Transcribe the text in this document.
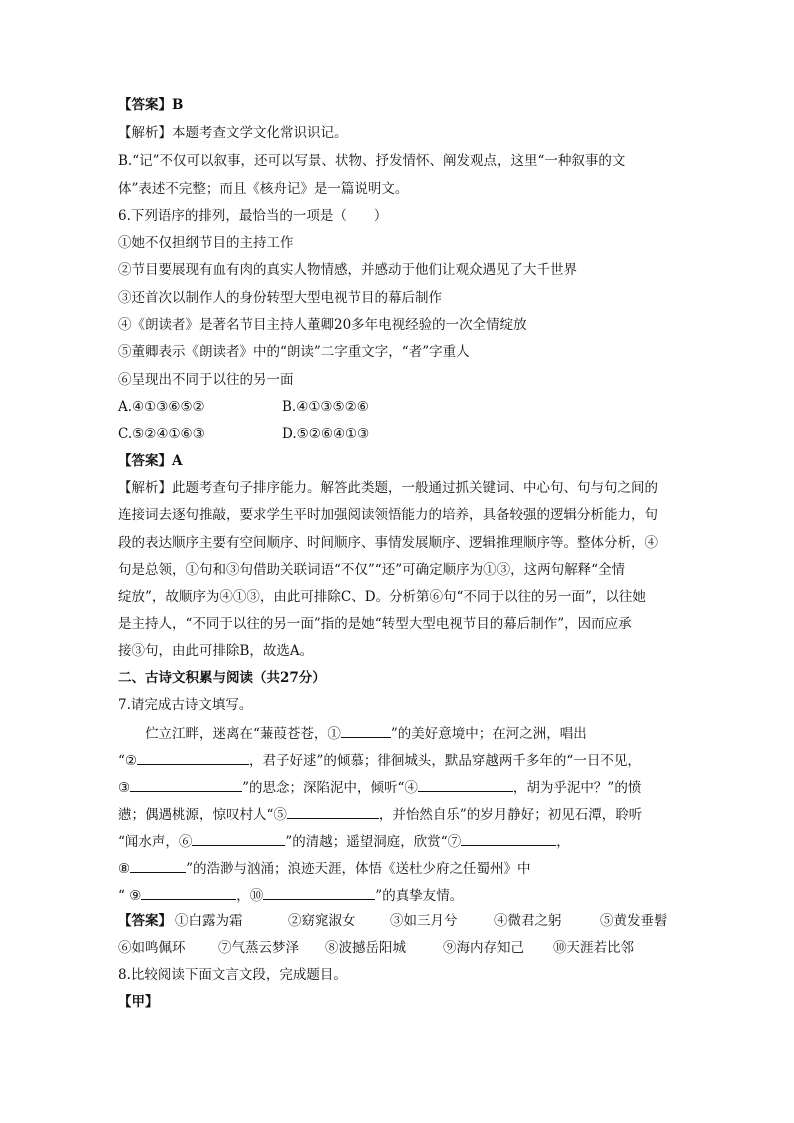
【答案】B
【解析】本题考查文学文化常识识记。
B.“记”不仅可以叙事，还可以写景、状物、抒发情怀、阐发观点，这里“一种叙事的文
体”表述不完整；而且《核舟记》是一篇说明文。
6.下列语序的排列，最恰当的一项是（　　）
①她不仅担纲节目的主持工作
②节目要展现有血有肉的真实人物情感，并感动于他们让观众遇见了大千世界
③还首次以制作人的身份转型大型电视节目的幕后制作
④《朗读者》是著名节目主持人董卿20多年电视经验的一次全情绽放
⑤董卿表示《朗读者》中的“朗读”二字重文字，“者”字重人
⑥呈现出不同于以往的另一面
A.④①③⑥⑤②	B.④①③⑤②⑥
C.⑤②④①⑥③	D.⑤②⑥④①③
【答案】A
【解析】此题考查句子排序能力。解答此类题，一般通过抓关键词、中心句、句与句之间的
连接词去逐句推敲，要求学生平时加强阅读领悟能力的培养，具备较强的逻辑分析能力，句
段的表达顺序主要有空间顺序、时间顺序、事情发展顺序、逻辑推理顺序等。整体分析，④
句是总领，①句和③句借助关联词语“不仅”“还”可确定顺序为①③，这两句解释“全情
绽放”，故顺序为④①③，由此可排除C、D。分析第⑥句“不同于以往的另一面”，以往她
是主持人，“不同于以往的另一面”指的是她“转型大型电视节目的幕后制作”，因而应承
接③句，由此可排除B，故选A。
二、古诗文积累与阅读（共27分）
7.请完成古诗文填写。
伫立江畔，迷离在“蒹葭苍苍，①	”的美好意境中；在河之洲，唱出
“②	，君子好逑”的倾慕；徘徊城头，默品穿越两千多年的“一日不见，
③	”的思念；深陷泥中，倾听“④	，胡为乎泥中？”的愤
懑；偶遇桃源，惊叹村人“⑤	，并怡然自乐”的岁月静好；初见石潭，聆听
“闻水声，⑥	”的清越；遥望洞庭，欣赏“⑦	，
⑧	”的浩渺与汹涌；浪迹天涯，体悟《送杜少府之任蜀州》中
“ ⑨	，⑩	”的真挚友情。
【答案】 ①白露为霜	②窈窕淑女	③如三月兮	④微君之躬	⑤黄发垂髫
⑥如鸣佩环 ⑦气蒸云梦泽 ⑧波撼岳阳城	⑨海内存知己 ⑩天涯若比邻
8.比较阅读下面文言文段，完成题目。
【甲】
